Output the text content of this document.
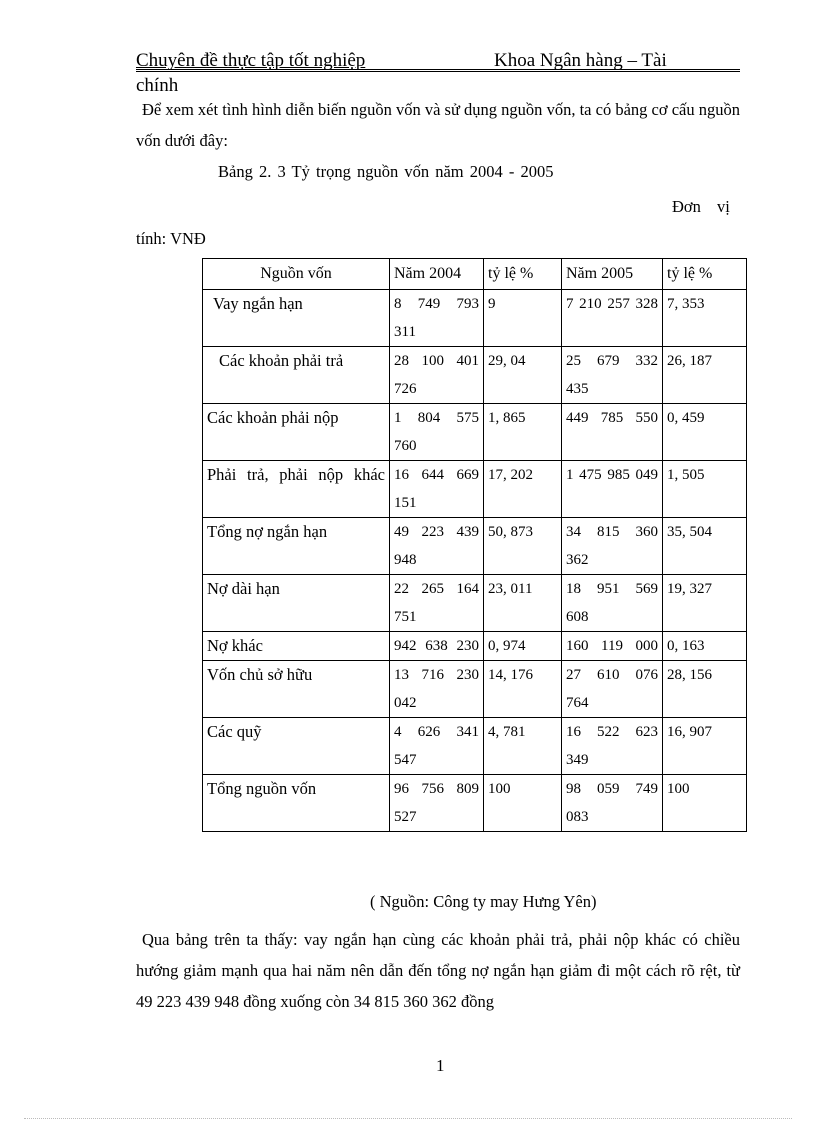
Chuyên đề thực tập tốt nghiệp	Khoa Ngân hàng – Tài
chính
Để xem xét tình hình diễn biến nguồn vốn và sử dụng nguồn vốn, ta có bảng cơ cấu nguồn vốn dưới đây:
Bảng 2. 3 Tỷ trọng nguồn vốn năm 2004 - 2005
Đơn vị
tính: VNĐ
Nguồn vốn	Năm 2004	tỷ lệ %	Năm 2005	tỷ lệ %
Vay ngắn hạn	8 749 793 311	9	7 210 257 328	7, 353
Các khoản phải trả	28 100 401 726	29, 04	25 679 332 435	26, 187
Các khoản phải nộp	1 804 575 760	1, 865	449 785 550	0, 459
Phải trả, phải nộp khác	16 644 669 151	17, 202	1 475 985 049	1, 505
Tổng nợ ngắn hạn	49 223 439 948	50, 873	34 815 360 362	35, 504
Nợ dài hạn	22 265 164 751	23, 011	18 951 569 608	19, 327
Nợ khác	942 638 230	0, 974	160 119 000	0, 163
Vốn chủ sở hữu	13 716 230 042	14, 176	27 610 076 764	28, 156
Các quỹ	4 626 341 547	4, 781	16 522 623 349	16, 907
Tổng nguồn vốn	96 756 809 527	100	98 059 749 083	100
( Nguồn: Công ty may Hưng Yên)
Qua bảng trên ta thấy: vay ngắn hạn cùng các khoản phải trả, phải nộp khác có chiều hướng giảm mạnh qua hai năm nên dẫn đến tổng nợ ngắn hạn giảm đi một cách rõ rệt, từ 49 223 439 948 đồng xuống còn 34 815 360 362 đồng
1
